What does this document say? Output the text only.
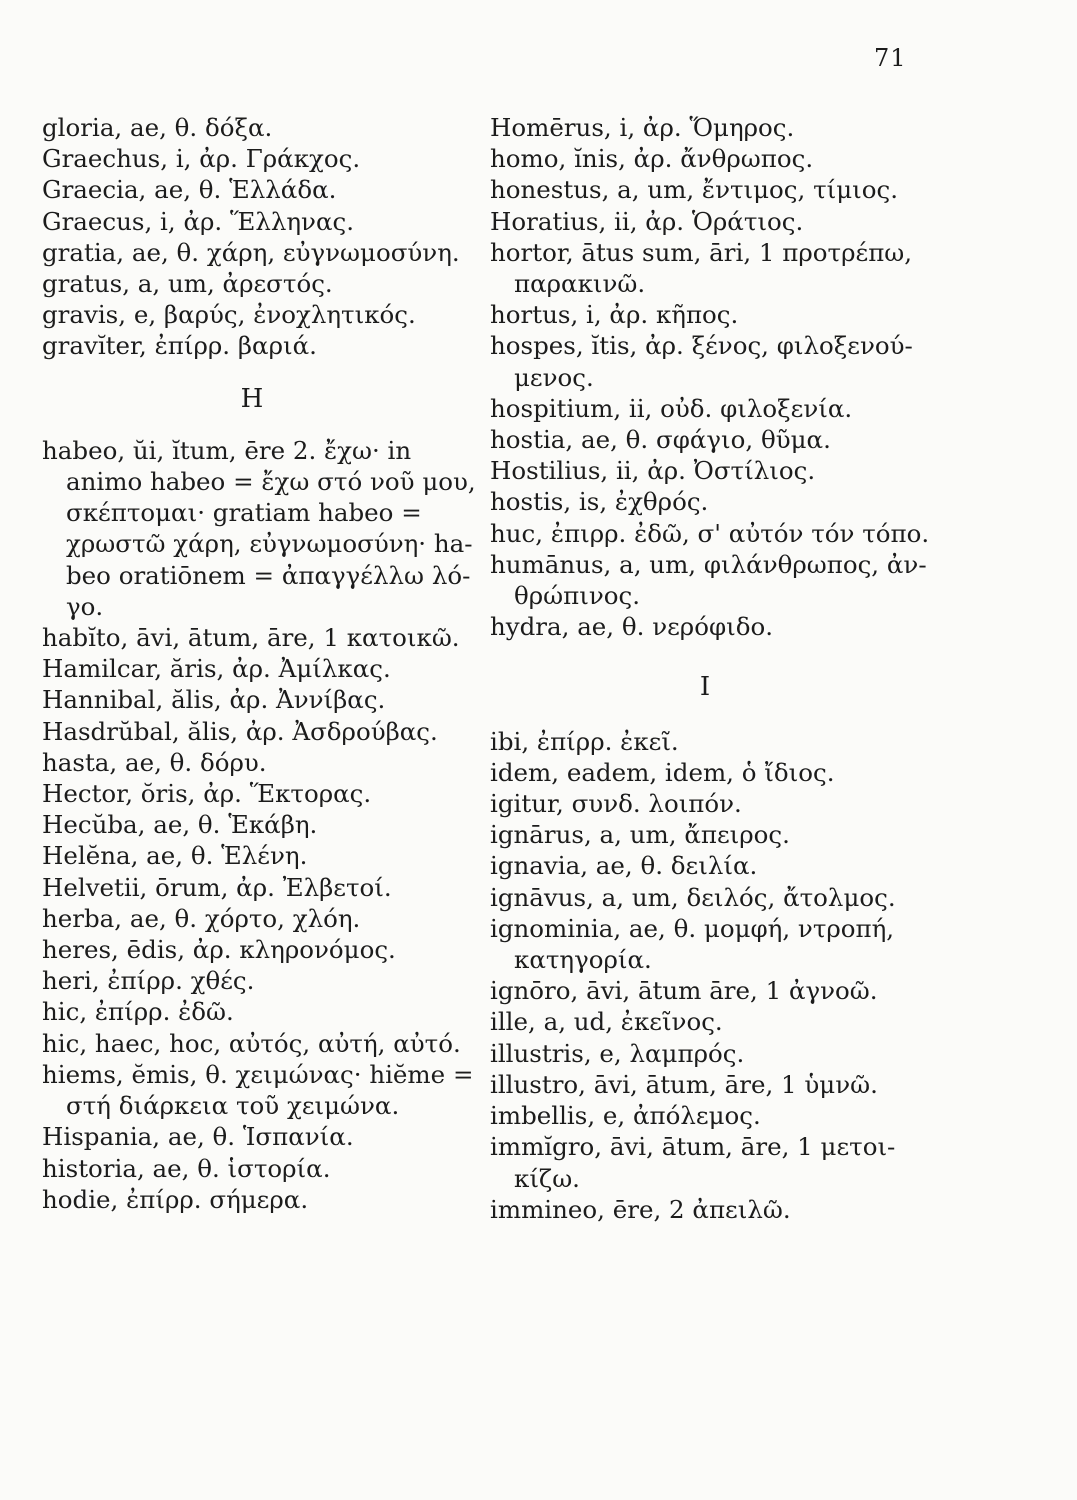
71
gloria, ae, θ. δόξα.
Graechus, i, ἀρ. Γράκχος.
Graecia, ae, θ. Ἑλλάδα.
Graecus, i, ἀρ. Ἕλληνας.
gratia, ae, θ. χάρη, εὐγνωμοσύνη.
gratus, a, um, ἀρεστός.
gravis, e, βαρύς, ἐνοχλητικός.
gravĭter, ἐπίρρ. βαριά.
H
habeo, ŭi, ĭtum, ēre 2. ἔχω· in
animo habeo = ἔχω στό νοῦ μου,
σκέπτομαι· gratiam habeo =
χρωστῶ χάρη, εὐγνωμοσύνη· ha-
beo oratiōnem = ἀπαγγέλλω λό-
γο.
habĭto, āvi, ātum, āre, 1 κατοικῶ.
Hamilcar, ăris, ἀρ. Ἀμίλκας.
Hannibal, ălis, ἀρ. Ἀννίβας.
Hasdrŭbal, ălis, ἀρ. Ἀσδρούβας.
hasta, ae, θ. δόρυ.
Hector, ŏris, ἀρ. Ἕκτορας.
Hecŭba, ae, θ. Ἑκάβη.
Helĕna, ae, θ. Ἑλένη.
Helvetii, ōrum, ἀρ. Ἐλβετοί.
herba, ae, θ. χόρτο, χλόη.
heres, ēdis, ἀρ. κληρονόμος.
heri, ἐπίρρ. χθές.
hic, ἐπίρρ. ἐδῶ.
hic, haec, hoc, αὐτός, αὐτή, αὐτό.
hiems, ĕmis, θ. χειμώνας· hiĕme =
στή διάρκεια τοῦ χειμώνα.
Hispania, ae, θ. Ἱσπανία.
historia, ae, θ. ἱστορία.
hodie, ἐπίρρ. σήμερα.
Homērus, i, ἀρ. Ὅμηρος.
homo, ĭnis, ἀρ. ἄνθρωπος.
honestus, a, um, ἔντιμος, τίμιος.
Horatius, ii, ἀρ. Ὁράτιος.
hortor, ātus sum, āri, 1 προτρέπω,
παρακινῶ.
hortus, i, ἀρ. κῆπος.
hospes, ĭtis, ἀρ. ξένος, φιλοξενού-
μενος.
hospitium, ii, οὐδ. φιλοξενία.
hostia, ae, θ. σφάγιο, θῦμα.
Hostilius, ii, ἀρ. Ὀστίλιος.
hostis, is, ἐχθρός.
huc, ἐπιρρ. ἐδῶ, σ' αὐτόν τόν τόπο.
humānus, a, um, φιλάνθρωπος, ἀν-
θρώπινος.
hydra, ae, θ. νερόφιδο.
I
ibi, ἐπίρρ. ἐκεῖ.
idem, eadem, idem, ὁ ἴδιος.
igitur, συνδ. λοιπόν.
ignārus, a, um, ἄπειρος.
ignavia, ae, θ. δειλία.
ignāvus, a, um, δειλός, ἄτολμος.
ignominia, ae, θ. μομφή, ντροπή,
κατηγορία.
ignōro, āvi, ātum āre, 1 ἀγνοῶ.
ille, a, ud, ἐκεῖνος.
illustris, e, λαμπρός.
illustro, āvi, ātum, āre, 1 ὑμνῶ.
imbellis, e, ἀπόλεμος.
immĭgro, āvi, ātum, āre, 1 μετοι-
κίζω.
immineo, ēre, 2 ἀπειλῶ.
